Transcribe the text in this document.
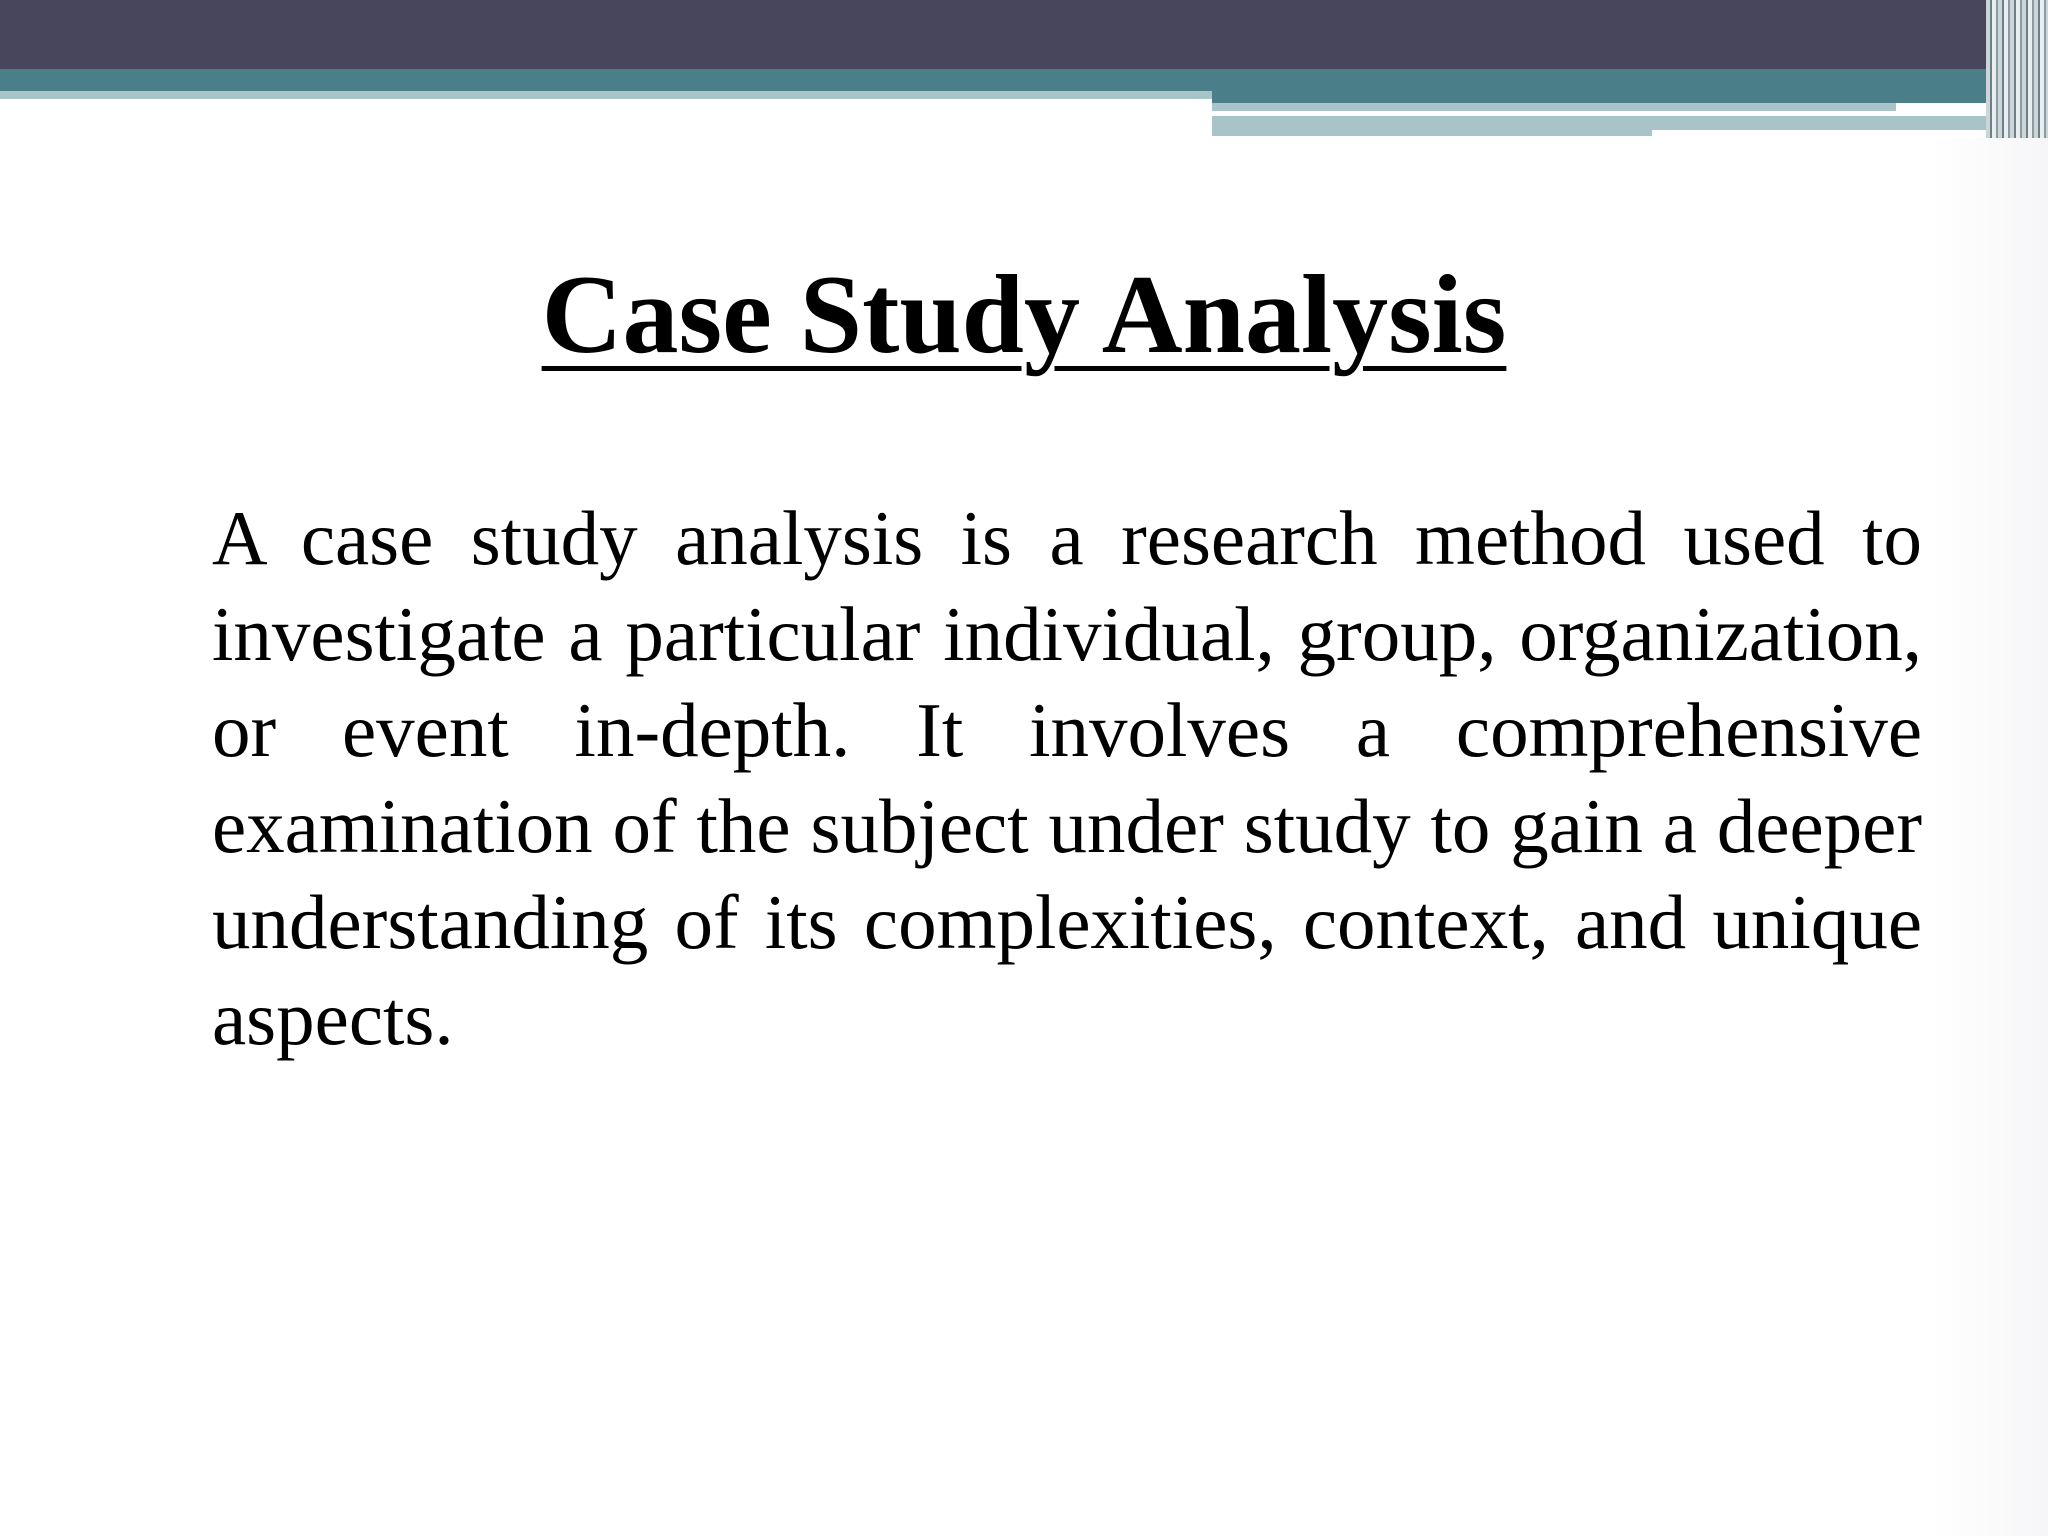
Case Study Analysis

A case study analysis is a research method used to investigate a particular individual, group, organization, or event in-depth. It involves a comprehensive examination of the subject under study to gain a deeper understanding of its complexities, context, and unique aspects.
